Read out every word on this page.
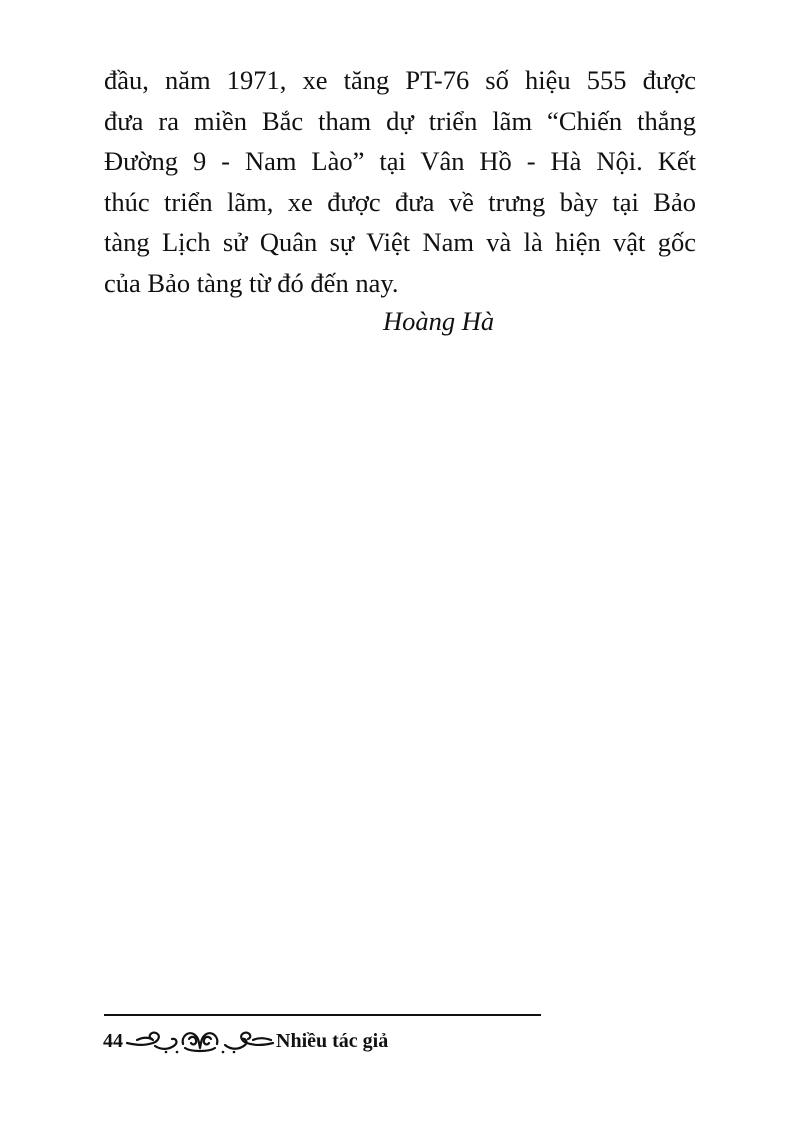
đầu, năm 1971, xe tăng PT-76 số hiệu 555 được
đưa ra miền Bắc tham dự triển lãm “Chiến thắng
Đường 9 - Nam Lào” tại Vân Hồ - Hà Nội. Kết
thúc triển lãm, xe được đưa về trưng bày tại Bảo
tàng Lịch sử Quân sự Việt Nam và là hiện vật gốc
của Bảo tàng từ đó đến nay.

Hoàng Hà
44	Nhiều tác giả
